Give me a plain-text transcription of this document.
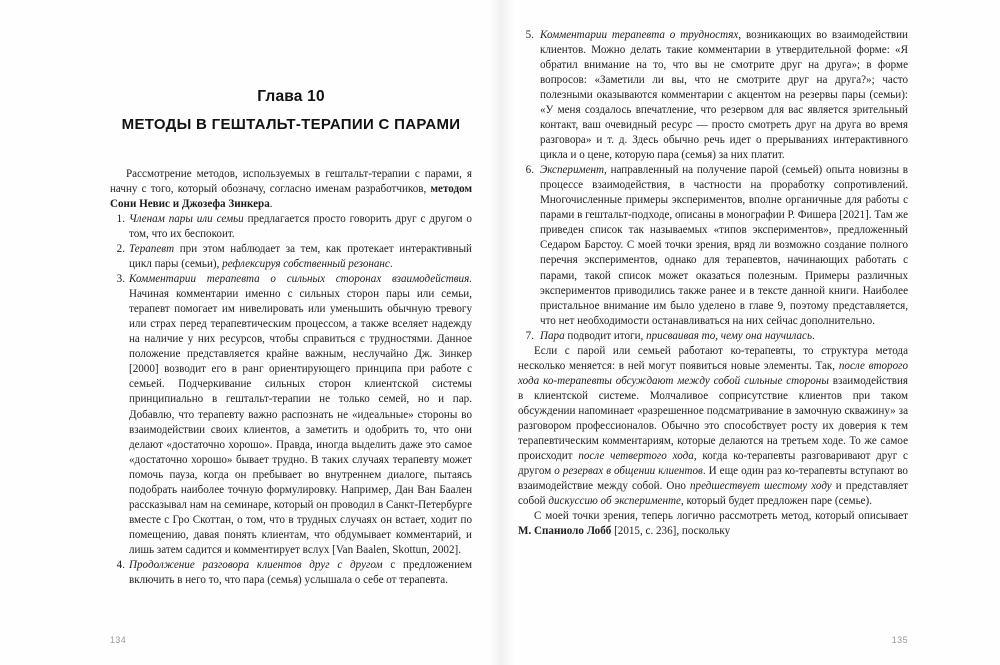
Глава 10
МЕТОДЫ В ГЕШТАЛЬТ-ТЕРАПИИ С ПАРАМИ

Рассмотрение методов, используемых в гештальт-терапии с парами, я начну с того, который обозначу, согласно именам разработчиков, методом Сони Невис и Джозефа Зинкера.

1. Членам пары или семьи предлагается просто говорить друг с другом о том, что их беспокоит.
2. Терапевт при этом наблюдает за тем, как протекает интерактивный цикл пары (семьи), рефлексируя собственный резонанс.
3. Комментарии терапевта о сильных сторонах взаимодействия. Начиная комментарии именно с сильных сторон пары или семьи, терапевт помогает им нивелировать или уменьшить обычную тревогу или страх перед терапевтическим процессом, а также вселяет надежду на наличие у них ресурсов, чтобы справиться с трудностями. Данное положение представляется крайне важным, неслучайно Дж. Зинкер [2000] возводит его в ранг ориентирующего принципа при работе с семьей. Подчеркивание сильных сторон клиентской системы принципиально в гештальт-терапии не только семей, но и пар. Добавлю, что терапевту важно распознать не «идеальные» стороны во взаимодействии своих клиентов, а заметить и одобрить то, что они делают «достаточно хорошо». Правда, иногда выделить даже это самое «достаточно хорошо» бывает трудно. В таких случаях терапевту может помочь пауза, когда он пребывает во внутреннем диалоге, пытаясь подобрать наиболее точную формулировку. Например, Дан Ван Баален рассказывал нам на семинаре, который он проводил в Санкт-Петербурге вместе с Гро Скоттан, о том, что в трудных случаях он встает, ходит по помещению, давая понять клиентам, что обдумывает комментарий, и лишь затем садится и комментирует вслух [Van Baalen, Skottun, 2002].
4. Продолжение разговора клиентов друг с другом с предложением включить в него то, что пара (семья) услышала о себе от терапевта.
134
5. Комментарии терапевта о трудностях, возникающих во взаимодействии клиентов. Можно делать такие комментарии в утвердительной форме: «Я обратил внимание на то, что вы не смотрите друг на друга»; в форме вопросов: «Заметили ли вы, что не смотрите друг на друга?»; часто полезными оказываются комментарии с акцентом на резервы пары (семьи): «У меня создалось впечатление, что резервом для вас является зрительный контакт, ваш очевидный ресурс — просто смотреть друг на друга во время разговора» и т. д. Здесь обычно речь идет о прерываниях интерактивного цикла и о цене, которую пара (семья) за них платит.
6. Эксперимент, направленный на получение парой (семьей) опыта новизны в процессе взаимодействия, в частности на проработку сопротивлений. Многочисленные примеры экспериментов, вполне органичные для работы с парами в гештальт-подходе, описаны в монографии Р. Фишера [2021]. Там же приведен список так называемых «типов экспериментов», предложенный Седаром Барстоу. С моей точки зрения, вряд ли возможно создание полного перечня экспериментов, однако для терапевтов, начинающих работать с парами, такой список может оказаться полезным. Примеры различных экспериментов приводились также ранее и в тексте данной книги. Наиболее пристальное внимание им было уделено в главе 9, поэтому представляется, что нет необходимости останавливаться на них сейчас дополнительно.
7. Пара подводит итоги, присваивая то, чему она научилась.

Если с парой или семьей работают ко-терапевты, то структура метода несколько меняется: в ней могут появиться новые элементы. Так, после второго хода ко-терапевты обсуждают между собой сильные стороны взаимодействия в клиентской системе. Молчаливое соприсутствие клиентов при таком обсуждении напоминает «разрешенное подсматривание в замочную скважину» за разговором профессионалов. Обычно это способствует росту их доверия к тем терапевтическим комментариям, которые делаются на третьем ходе. То же самое происходит после четвертого хода, когда ко-терапевты разговаривают друг с другом о резервах в общении клиентов. И еще один раз ко-терапевты вступают во взаимодействие между собой. Оно предшествует шестому ходу и представляет собой дискуссию об эксперименте, который будет предложен паре (семье).

С моей точки зрения, теперь логично рассмотреть метод, который описывает М. Спаниоло Лобб [2015, с. 236], поскольку

135
